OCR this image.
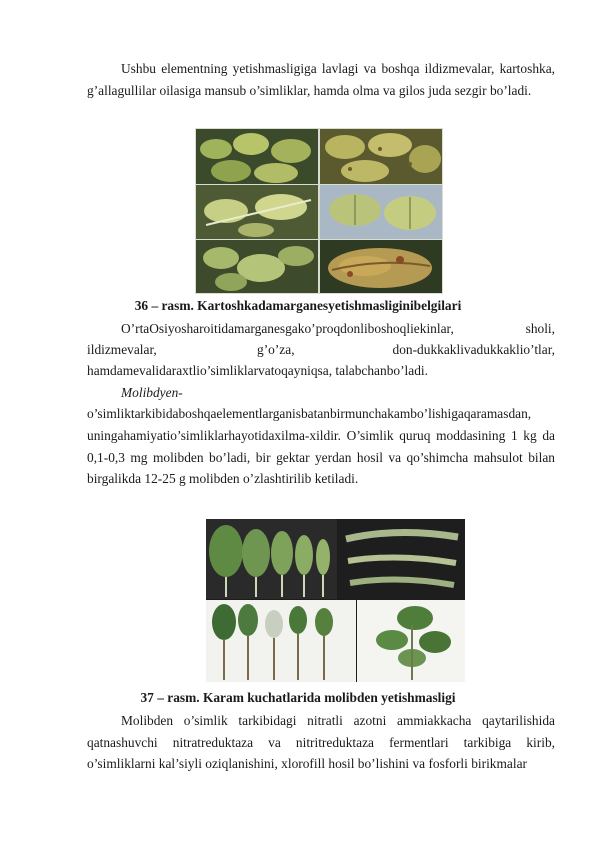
Ushbu elementning yetishmasligiga lavlagi va boshqa ildizmevalar, kartoshka, g’allagullilar oilasiga mansub o’simliklar, hamda olma va gilos juda sezgir bo’ladi.
36 – rasm. Kartoshkadamarganesyetishmasliginibelgilari
O’rtaOsiyosharoitidamarganesgako’proqdonliboshoqliekinlar,	sholi,
ildizmevalar,	g’o’za,	don-dukkaklivadukkaklio’tlar,
hamdamevalidaraxtlio’simliklarvatoqayniqsa, talabchanbo’ladi.
Molibdyen-
o’simliktarkibidaboshqaelementlarganisbatanbirmunchakambo’lishigaqaramasdan,
uningahamiyatio’simliklarhayotidaxilma-xildir. O’simlik quruq moddasining 1 kg da 0,1-0,3 mg molibden bo’ladi, bir gektar yerdan hosil va qo’shimcha mahsulot bilan birgalikda 12-25 g molibden o’zlashtirilib ketiladi.
37 – rasm. Karam kuchatlarida molibden yetishmasligi
Molibden o’simlik tarkibidagi nitratli azotni ammiakkacha qaytarilishida qatnashuvchi nitratreduktaza va nitritreduktaza fermentlari tarkibiga kirib, o’simliklarni kal’siyli oziqlanishini, xlorofill hosil bo’lishini va fosforli birikmalar
